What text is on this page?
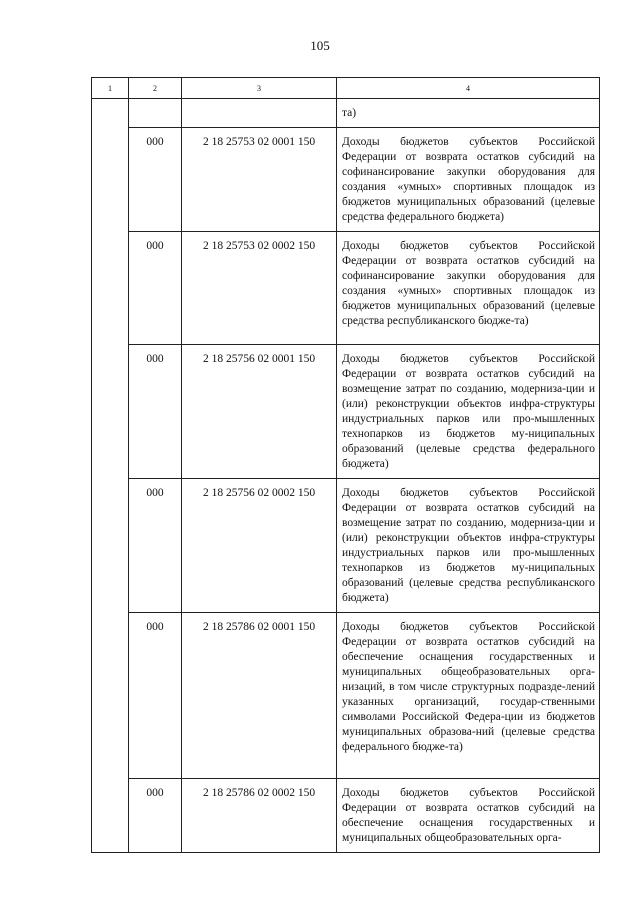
105
1	2	3	4
			та)
	000	2 18 25753 02 0001 150	Доходы бюджетов субъектов Российской Федерации от возврата остатков субсидий на софинансирование закупки оборудования для создания «умных» спортивных площадок из бюджетов муниципальных образований (целевые средства федерального бюджета)
	000	2 18 25753 02 0002 150	Доходы бюджетов субъектов Российской Федерации от возврата остатков субсидий на софинансирование закупки оборудования для создания «умных» спортивных площадок из бюджетов муниципальных образований (целевые средства республиканского бюдже-та)
	000	2 18 25756 02 0001 150	Доходы бюджетов субъектов Российской Федерации от возврата остатков субсидий на возмещение затрат по созданию, модерниза-ции и (или) реконструкции объектов инфра-структуры индустриальных парков или про-мышленных технопарков из бюджетов му-ниципальных образований (целевые средства федерального бюджета)
	000	2 18 25756 02 0002 150	Доходы бюджетов субъектов Российской Федерации от возврата остатков субсидий на возмещение затрат по созданию, модерниза-ции и (или) реконструкции объектов инфра-структуры индустриальных парков или про-мышленных технопарков из бюджетов му-ниципальных образований (целевые средства республиканского бюджета)
	000	2 18 25786 02 0001 150	Доходы бюджетов субъектов Российской Федерации от возврата остатков субсидий на обеспечение оснащения государственных и муниципальных общеобразовательных орга-низаций, в том числе структурных подразде-лений указанных организаций, государ-ственными символами Российской Федера-ции из бюджетов муниципальных образова-ний (целевые средства федерального бюдже-та)
	000	2 18 25786 02 0002 150	Доходы бюджетов субъектов Российской Федерации от возврата остатков субсидий на обеспечение оснащения государственных и муниципальных общеобразовательных орга-
